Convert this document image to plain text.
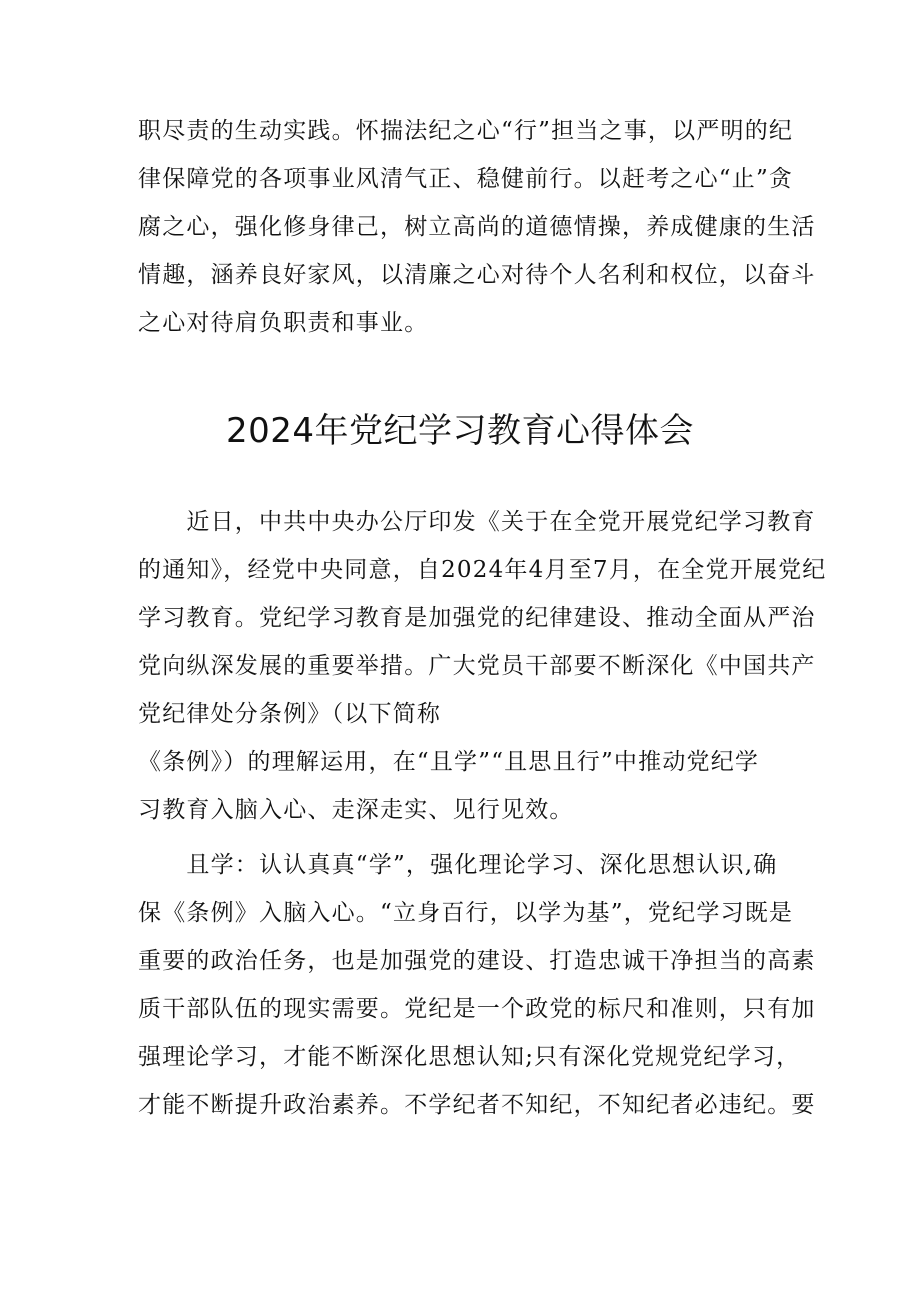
职尽责的生动实践。怀揣法纪之心“行”担当之事，以严明的纪
律保障党的各项事业风清气正、稳健前行。以赶考之心“止”贪
腐之心，强化修身律己，树立高尚的道德情操，养成健康的生活
情趣，涵养良好家风，以清廉之心对待个人名利和权位，以奋斗
之心对待肩负职责和事业。
2024年党纪学习教育心得体会
　　近日，中共中央办公厅印发《关于在全党开展党纪学习教育
的通知》，经党中央同意，自2024年4月至7月，在全党开展党纪
学习教育。党纪学习教育是加强党的纪律建设、推动全面从严治
党向纵深发展的重要举措。广大党员干部要不断深化《中国共产
党纪律处分条例》（以下简称
《条例》）的理解运用，在“且学”“且思且行”中推动党纪学
习教育入脑入心、走深走实、见行见效。
　　且学：认认真真“学”，强化理论学习、深化思想认识,确
保《条例》入脑入心。“立身百行，以学为基”，党纪学习既是
重要的政治任务，也是加强党的建设、打造忠诚干净担当的高素
质干部队伍的现实需要。党纪是一个政党的标尺和准则，只有加
强理论学习，才能不断深化思想认知;只有深化党规党纪学习，
才能不断提升政治素养。不学纪者不知纪，不知纪者必违纪。要
